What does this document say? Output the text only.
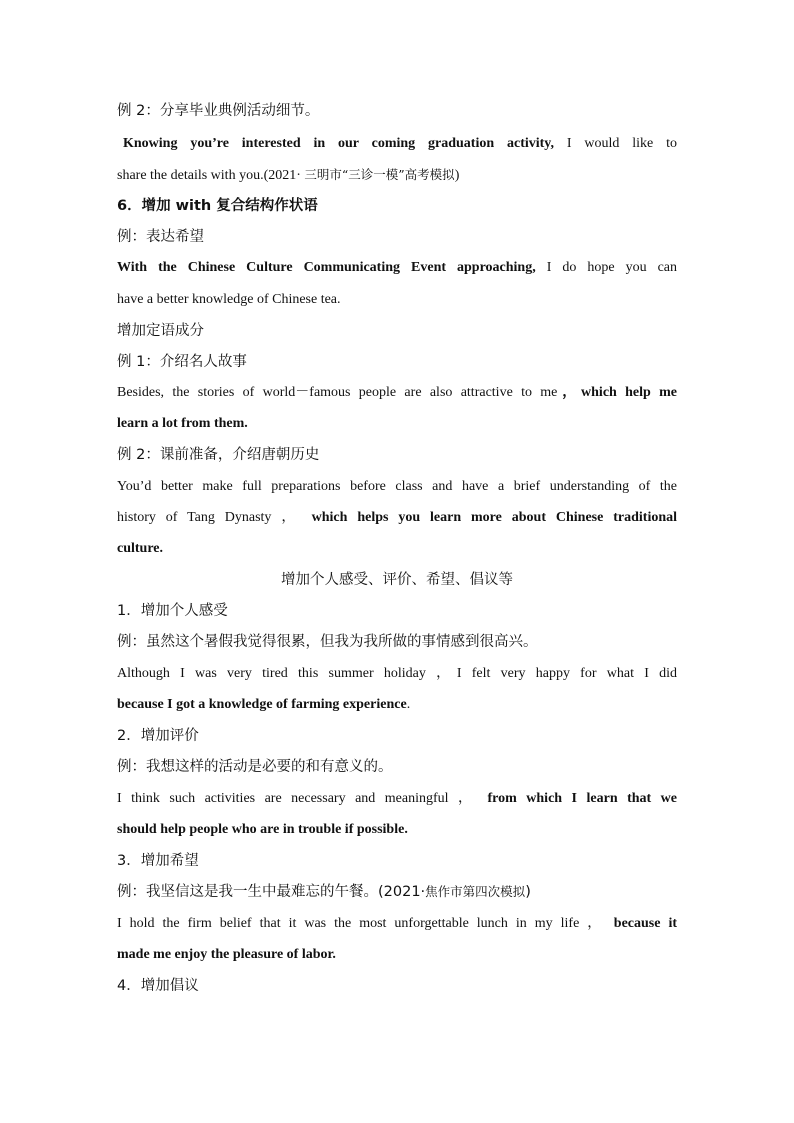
例 2：分享毕业典例活动细节。
Knowing you’re interested in our coming graduation activity, I would like to
share the details with you.(2021· 三明市“三诊一模”高考模拟)
6．增加 with 复合结构作状语
例：表达希望
With the Chinese Culture Communicating Event approaching, I do hope you can
have a better knowledge of Chinese tea.
增加定语成分
例 1：介绍名人故事
Besides, the stories of world－famous people are also attractive to me，which help me
learn a lot from them.
例 2：课前准备，介绍唐朝历史
You’d better make full preparations before class and have a brief understanding of the
history of Tang Dynasty ， which helps you learn more about Chinese traditional
culture.
增加个人感受、评价、希望、倡议等
1．增加个人感受
例：虽然这个暑假我觉得很累，但我为我所做的事情感到很高兴。
Although I was very tired this summer holiday ，I felt very happy for what I did
because I got a knowledge of farming experience.
2．增加评价
例：我想这样的活动是必要的和有意义的。
I think such activities are necessary and meaningful ， from which I learn that we
should help people who are in trouble if possible.
3．增加希望
例：我坚信这是我一生中最难忘的午餐。(2021·焦作市第四次模拟)
I hold the firm belief that it was the most unforgettable lunch in my life ， because it
made me enjoy the pleasure of labor.
4．增加倡议
